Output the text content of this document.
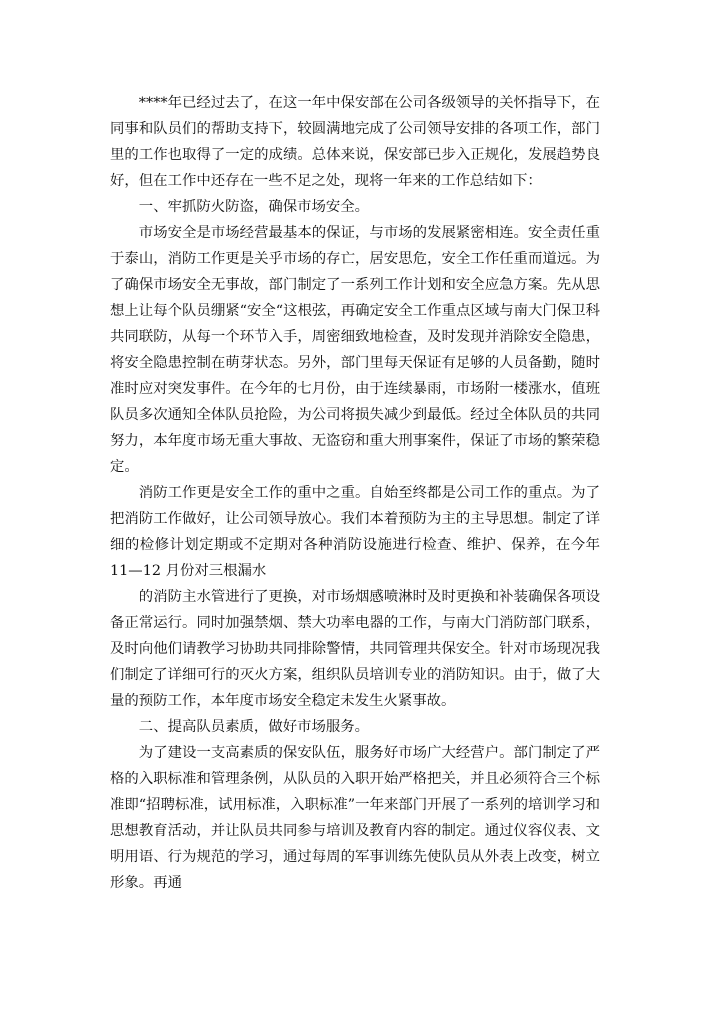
****年已经过去了，在这一年中保安部在公司各级领导的关怀指导下，在同事和队员们的帮助支持下，较圆满地完成了公司领导安排的各项工作，部门里的工作也取得了一定的成绩。总体来说，保安部已步入正规化，发展趋势良好，但在工作中还存在一些不足之处，现将一年来的工作总结如下：

一、牢抓防火防盗，确保市场安全。

市场安全是市场经营最基本的保证，与市场的发展紧密相连。安全责任重于泰山，消防工作更是关乎市场的存亡，居安思危，安全工作任重而道远。为了确保市场安全无事故，部门制定了一系列工作计划和安全应急方案。先从思想上让每个队员绷紧“安全“这根弦，再确定安全工作重点区域与南大门保卫科共同联防，从每一个环节入手，周密细致地检查，及时发现并消除安全隐患，将安全隐患控制在萌芽状态。另外，部门里每天保证有足够的人员备勤，随时准时应对突发事件。在今年的七月份，由于连续暴雨，市场附一楼涨水，值班队员多次通知全体队员抢险，为公司将损失减少到最低。经过全体队员的共同努力，本年度市场无重大事故、无盗窃和重大刑事案件，保证了市场的繁荣稳定。

消防工作更是安全工作的重中之重。自始至终都是公司工作的重点。为了把消防工作做好，让公司领导放心。我们本着预防为主的主导思想。制定了详细的检修计划定期或不定期对各种消防设施进行检查、维护、保养，在今年 11—12 月份对三根漏水

的消防主水管进行了更换，对市场烟感喷淋时及时更换和补装确保各项设备正常运行。同时加强禁烟、禁大功率电器的工作，与南大门消防部门联系，及时向他们请教学习协助共同排除警情，共同管理共保安全。针对市场现况我们制定了详细可行的灭火方案，组织队员培训专业的消防知识。由于，做了大量的预防工作，本年度市场安全稳定未发生火紧事故。

二、提高队员素质，做好市场服务。

为了建设一支高素质的保安队伍，服务好市场广大经营户。部门制定了严格的入职标准和管理条例，从队员的入职开始严格把关，并且必须符合三个标准即“招聘标准，试用标准，入职标准”一年来部门开展了一系列的培训学习和思想教育活动，并让队员共同参与培训及教育内容的制定。通过仪容仪表、文明用语、行为规范的学习，通过每周的军事训练先使队员从外表上改变，树立形象。再通
